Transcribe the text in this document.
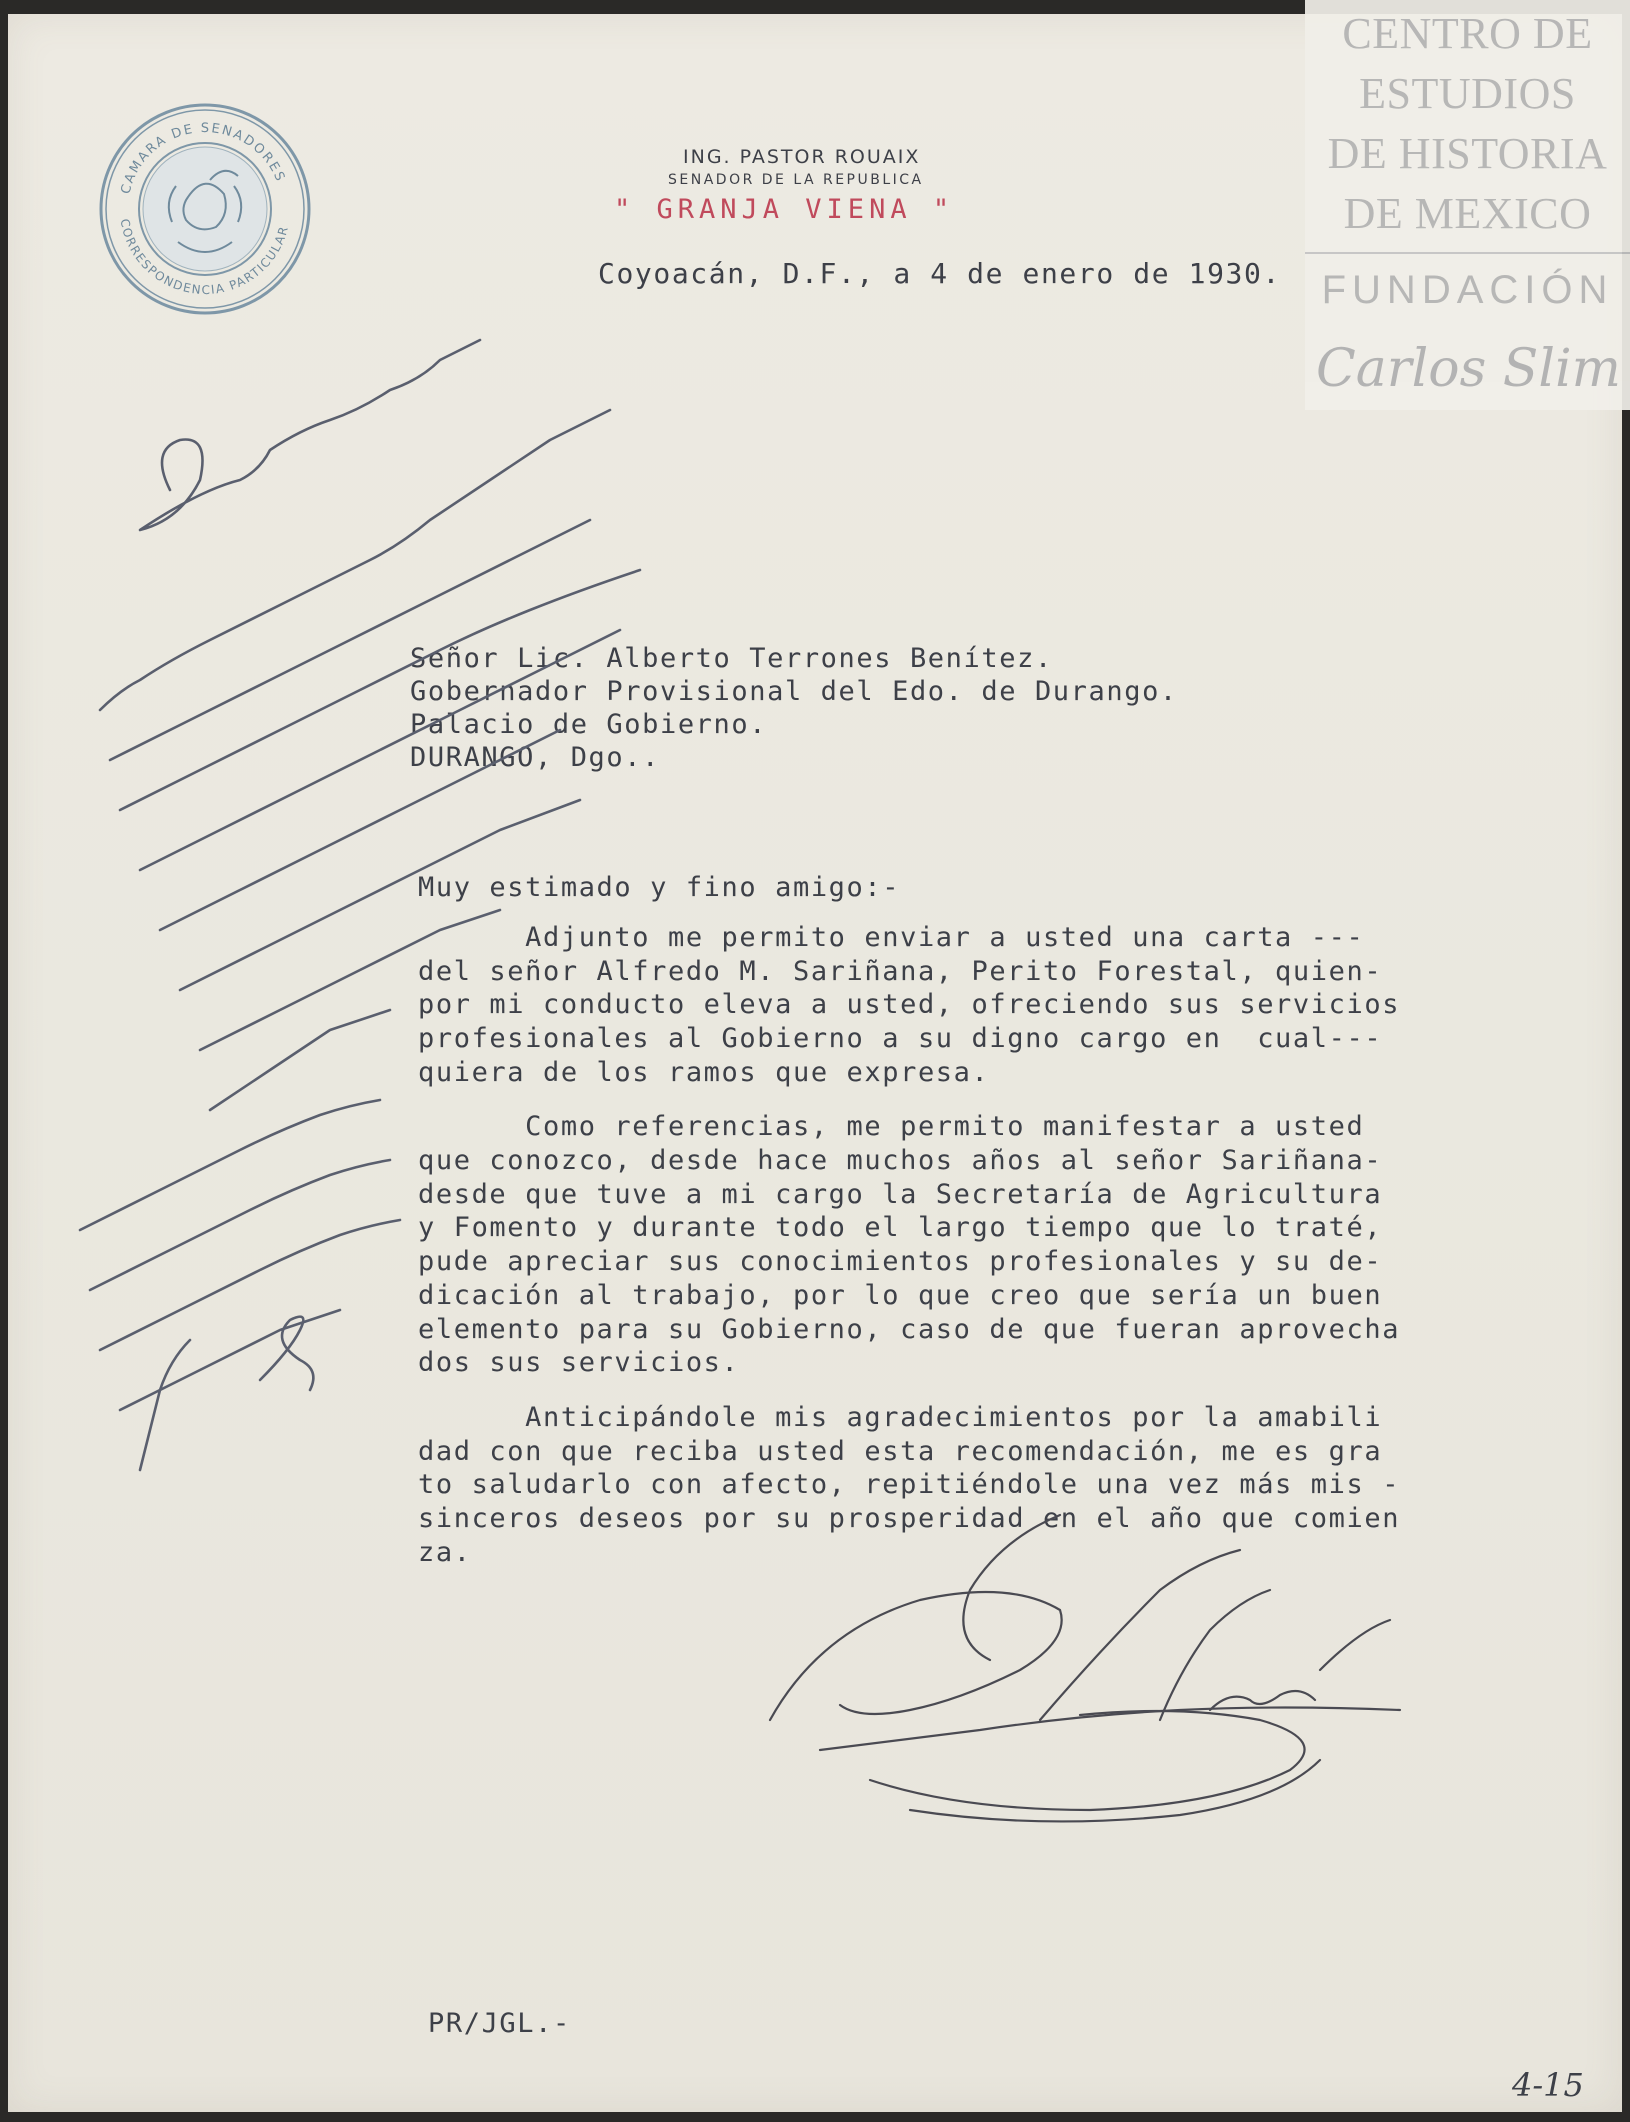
CAMARA DE SENADORES
CORRESPONDENCIA PARTICULAR
ING. PASTOR ROUAIX
SENADOR DE LA REPUBLICA
" GRANJA VIENA "
Coyoacán, D.F., a 4 de enero de 1930.
CENTRO DE
ESTUDIOS
DE HISTORIA
DE MEXICO
FUNDACIÓN
Carlos Slim
Señor Lic. Alberto Terrones Benítez.
Gobernador Provisional del Edo. de Durango.
Palacio de Gobierno.
DURANGO, Dgo..
Muy estimado y fino amigo:-
Adjunto me permito enviar a usted una carta ---
del señor Alfredo M. Sariñana, Perito Forestal, quien-
por mi conducto eleva a usted, ofreciendo sus servicios
profesionales al Gobierno a su digno cargo en  cual---
quiera de los ramos que expresa.
Como referencias, me permito manifestar a usted
que conozco, desde hace muchos años al señor Sariñana-
desde que tuve a mi cargo la Secretaría de Agricultura
y Fomento y durante todo el largo tiempo que lo traté,
pude apreciar sus conocimientos profesionales y su de-
dicación al trabajo, por lo que creo que sería un buen
elemento para su Gobierno, caso de que fueran aprovecha
dos sus servicios.
Anticipándole mis agradecimientos por la amabili
dad con que reciba usted esta recomendación, me es gra
to saludarlo con afecto, repitiéndole una vez más mis -
sinceros deseos por su prosperidad en el año que comien
za.
PR/JGL.-
4-15
